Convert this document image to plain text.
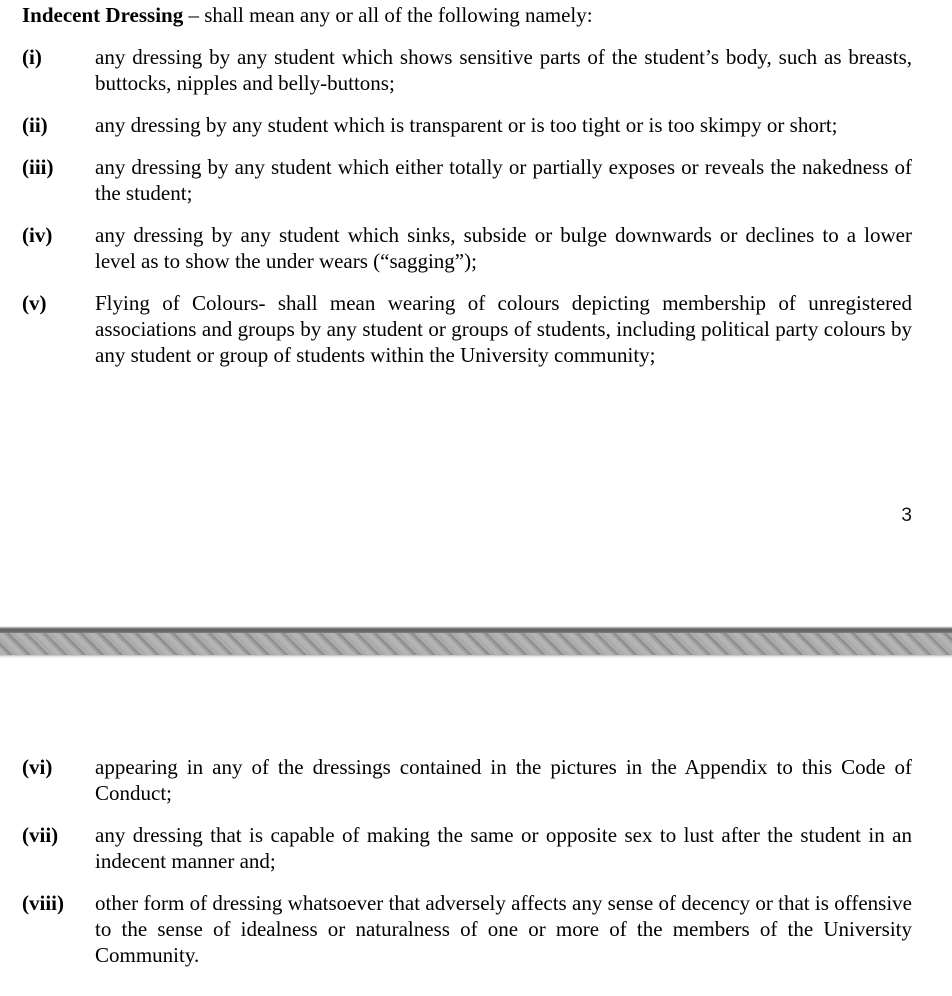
Indecent Dressing – shall mean any or all of the following namely:

(i)	any dressing by any student which shows sensitive parts of the student’s body, such as breasts, buttocks, nipples and belly-buttons;
(ii)	any dressing by any student which is transparent or is too tight or is too skimpy or short;
(iii)	any dressing by any student which either totally or partially exposes or reveals the nakedness of the student;
(iv)	any dressing by any student which sinks, subside or bulge downwards or declines to a lower level as to show the under wears (“sagging”);
(v)	Flying of Colours- shall mean wearing of colours depicting membership of unregistered associations and groups by any student or groups of students, including political party colours by any student or group of students within the University community;
3
(vi)	appearing in any of the dressings contained in the pictures in the Appendix to this Code of Conduct;
(vii)	any dressing that is capable of making the same or opposite sex to lust after the student in an indecent manner and;
(viii)	other form of dressing whatsoever that adversely affects any sense of decency or that is offensive to the sense of idealness or naturalness of one or more of the members of the University Community.
